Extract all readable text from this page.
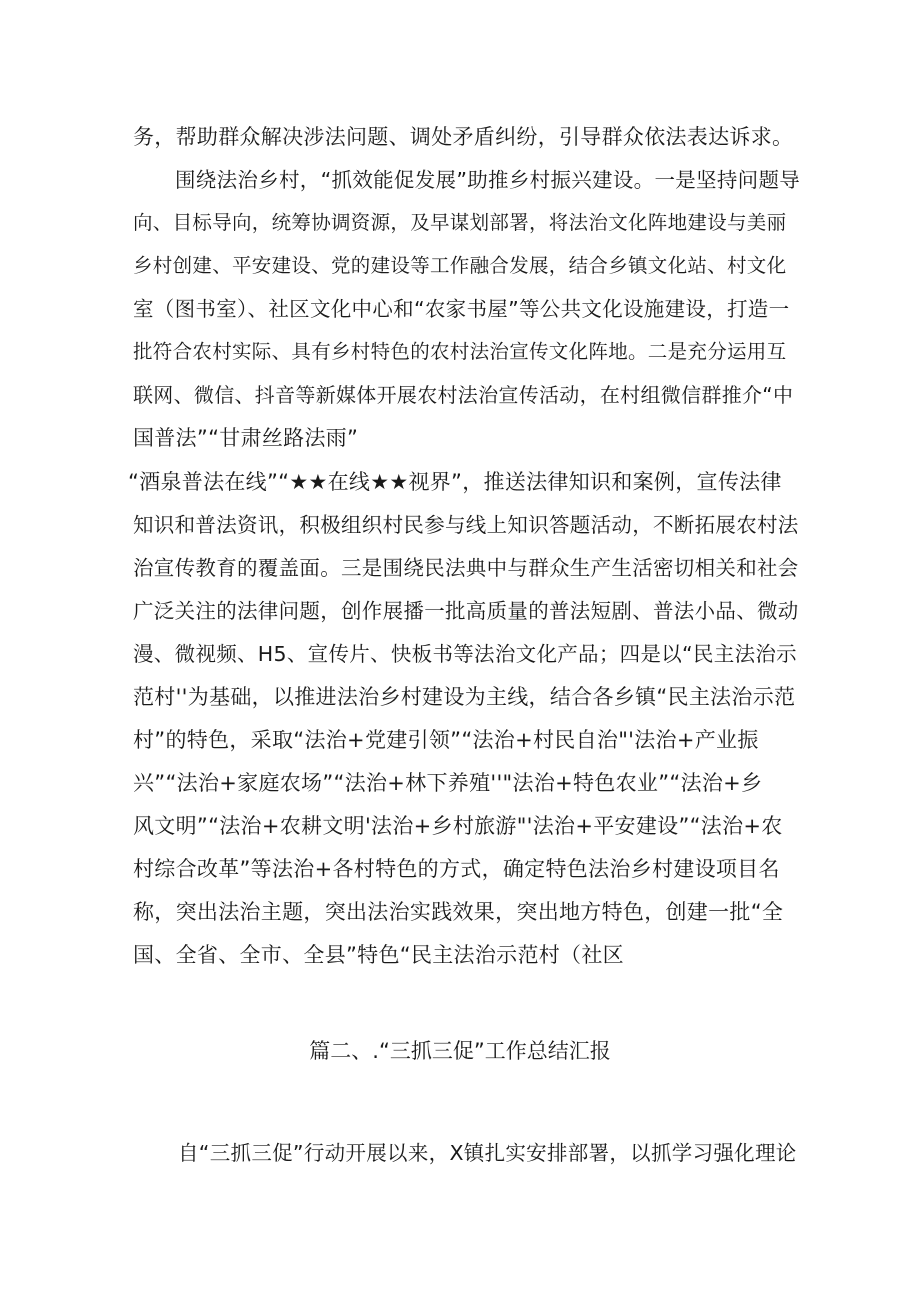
务，帮助群众解决涉法问题、调处矛盾纠纷，引导群众依法表达诉求。
围绕法治乡村，“抓效能促发展”助推乡村振兴建设。一是坚持问题导
向、目标导向，统筹协调资源，及早谋划部署，将法治文化阵地建设与美丽
乡村创建、平安建设、党的建设等工作融合发展，结合乡镇文化站、村文化
室（图书室）、社区文化中心和“农家书屋”等公共文化设施建设，打造一
批符合农村实际、具有乡村特色的农村法治宣传文化阵地。二是充分运用互
联网、微信、抖音等新媒体开展农村法治宣传活动，在村组微信群推介“中
国普法”“甘肃丝路法雨”
“酒泉普法在线”“★★在线★★视界”，推送法律知识和案例，宣传法律
知识和普法资讯，积极组织村民参与线上知识答题活动，不断拓展农村法
治宣传教育的覆盖面。三是围绕民法典中与群众生产生活密切相关和社会
广泛关注的法律问题，创作展播一批高质量的普法短剧、普法小品、微动
漫、微视频、H5、宣传片、快板书等法治文化产品；四是以“民主法治示
范村''为基础，以推进法治乡村建设为主线，结合各乡镇“民主法治示范
村”的特色，采取“法治+党建引领”“法治+村民自治"'法治+产业振
兴”“法治+家庭农场”“法治+林下养殖''"法治+特色农业”“法治+乡
风文明”“法治+农耕文明'法治+乡村旅游"'法治+平安建设”“法治+农
村综合改革”等法治+各村特色的方式，确定特色法治乡村建设项目名
称，突出法治主题，突出法治实践效果，突出地方特色，创建一批“全
国、全省、全市、全县”特色“民主法治示范村（社区
篇二、.“三抓三促”工作总结汇报
自“三抓三促”行动开展以来，X镇扎实安排部署，以抓学习强化理论
